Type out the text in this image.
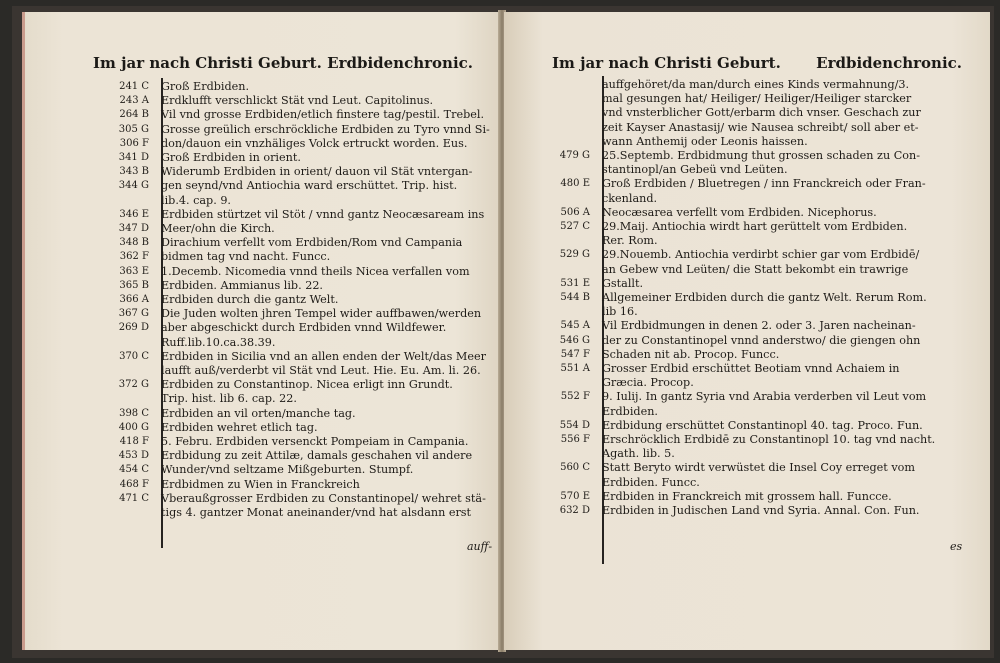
Im jar nach Christi Geburt. Erdbidenchronic.
241 C Groß Erdbiden.
243 A Erdklufft verschlickt Stät vnd Leut. Capitolinus.
264 B Vil vnd grosse Erdbiden/etlich finstere tag/pestil. Trebel.
305 G Grosse greülich erschröckliche Erdbiden zu Tyro vnnd Si-
306 F don/dauon ein vnzhäliges Volck ertruckt worden. Eus.
341 D Groß Erdbiden in orient.
343 B Widerumb Erdbiden in orient/ dauon vil Stät vntergan-
344 G gen seynd/vnd Antiochia ward erschüttet. Trip. hist.
lib.4. cap. 9.
346 E Erdbiden stürtzet vil Stöt / vnnd gantz Neocæsaream ins
347 D Meer/ohn die Kirch.
348 B Dirachium verfellt vom Erdbiden/Rom vnd Campania
362 F bidmen tag vnd nacht. Funcc.
363 E 1.Decemb. Nicomedia vnnd theils Nicea verfallen vom
365 B Erdbiden. Ammianus lib. 22.
366 A Erdbiden durch die gantz Welt.
367 G Die Juden wolten jhren Tempel wider auffbawen/werden
269 D aber abgeschickt durch Erdbiden vnnd Wildfewer.
Ruff.lib.10.ca.38.39.
370 C Erdbiden in Sicilia vnd an allen enden der Welt/das Meer
laufft auß/verderbt vil Stät vnd Leut. Hie. Eu. Am. li. 26.
372 G Erdbiden zu Constantinop. Nicea erligt inn Grundt.
Trip. hist. lib 6. cap. 22.
398 C Erdbiden an vil orten/manche tag.
400 G Erdbiden wehret etlich tag.
418 F 5. Febru. Erdbiden versenckt Pompeiam in Campania.
453 D Erdbidung zu zeit Attilæ, damals geschahen vil andere
454 C Wunder/vnd seltzame Mißgeburten. Stumpf.
468 F Erdbidmen zu Wien in Franckreich
471 C Vberaußgrosser Erdbiden zu Constantinopel/ wehret stä-
tigs 4. gantzer Monat aneinander/vnd hat alsdann erst
auff-
Im jar nach Christi Geburt. Erdbidenchronic.
auffgehöret/da man/durch eines Kinds vermahnung/3.
mal gesungen hat/ Heiliger/ Heiliger/Heiliger starcker
vnd vnsterblicher Gott/erbarm dich vnser. Geschach zur
zeit Kayser Anastasij/ wie Nausea schreibt/ soll aber et-
wann Anthemij oder Leonis haissen.
479 G 25.Septemb. Erdbidmung thut grossen schaden zu Con-
stantinopl/an Gebeü vnd Leüten.
480 E Groß Erdbiden / Bluetregen / inn Franckreich oder Fran-
ckenland.
506 A Neocæsarea verfellt vom Erdbiden. Nicephorus.
527 C 29.Maij. Antiochia wirdt hart gerüttelt vom Erdbiden.
Rer. Rom.
529 G 29.Nouemb. Antiochia verdirbt schier gar vom Erdbidē/
an Gebew vnd Leüten/ die Statt bekombt ein trawrige
531 E Gstallt.
544 B Allgemeiner Erdbiden durch die gantz Welt. Rerum Rom.
lib 16.
545 A Vil Erdbidmungen in denen 2. oder 3. Jaren nacheinan-
546 G der zu Constantinopel vnnd anderstwo/ die giengen ohn
547 F Schaden nit ab. Procop. Funcc.
551 A Grosser Erdbid erschüttet Beotiam vnnd Achaiem in
Græcia. Procop.
552 F 9. Iulij. In gantz Syria vnd Arabia verderben vil Leut vom
Erdbiden.
554 D Erdbidung erschüttet Constantinopl 40. tag. Proco. Fun.
556 F Erschröcklich Erdbidē zu Constantinopl 10. tag vnd nacht.
Agath. lib. 5.
560 C Statt Beryto wirdt verwüstet die Insel Coy erreget vom
Erdbiden. Funcc.
570 E Erdbiden in Franckreich mit grossem hall. Funcce.
632 D Erdbiden in Judischen Land vnd Syria. Annal. Con. Fun.
es
